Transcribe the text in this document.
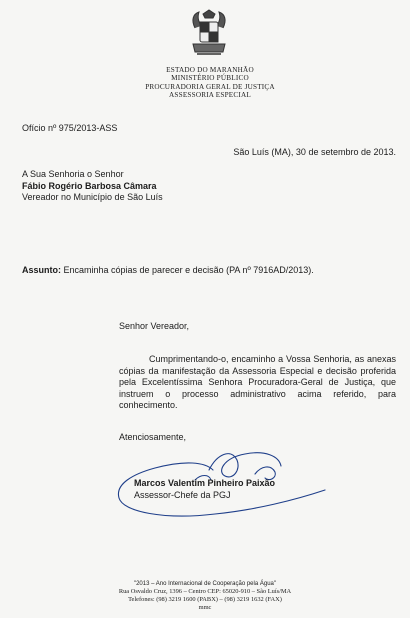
ESTADO DO MARANHÃO
MINISTÉRIO PÚBLICO
PROCURADORIA GERAL DE JUSTIÇA
ASSESSORIA ESPECIAL
Ofício nº 975/2013-ASS
São Luís (MA), 30 de setembro de 2013.
A Sua Senhoria o Senhor
Fábio Rogério Barbosa Câmara
Vereador no Município de São Luís
Assunto: Encaminha cópias de parecer e decisão (PA nº 7916AD/2013).
Senhor Vereador,
Cumprimentando-o, encaminho a Vossa Senhoria, as anexas cópias da manifestação da Assessoria Especial e decisão proferida pela Excelentíssima Senhora Procuradora-Geral de Justiça, que instruem o processo administrativo acima referido, para conhecimento.
Atenciosamente,
Marcos Valentim Pinheiro Paixão
Assessor-Chefe da PGJ
"2013 – Ano Internacional de Cooperação pela Água"
Rua Osvaldo Cruz, 1396 – Centro CEP: 65020-910 – São Luís/MA
Telefones: (98) 3219 1600 (PABX) – (98) 3219 1632 (FAX)
mmc
